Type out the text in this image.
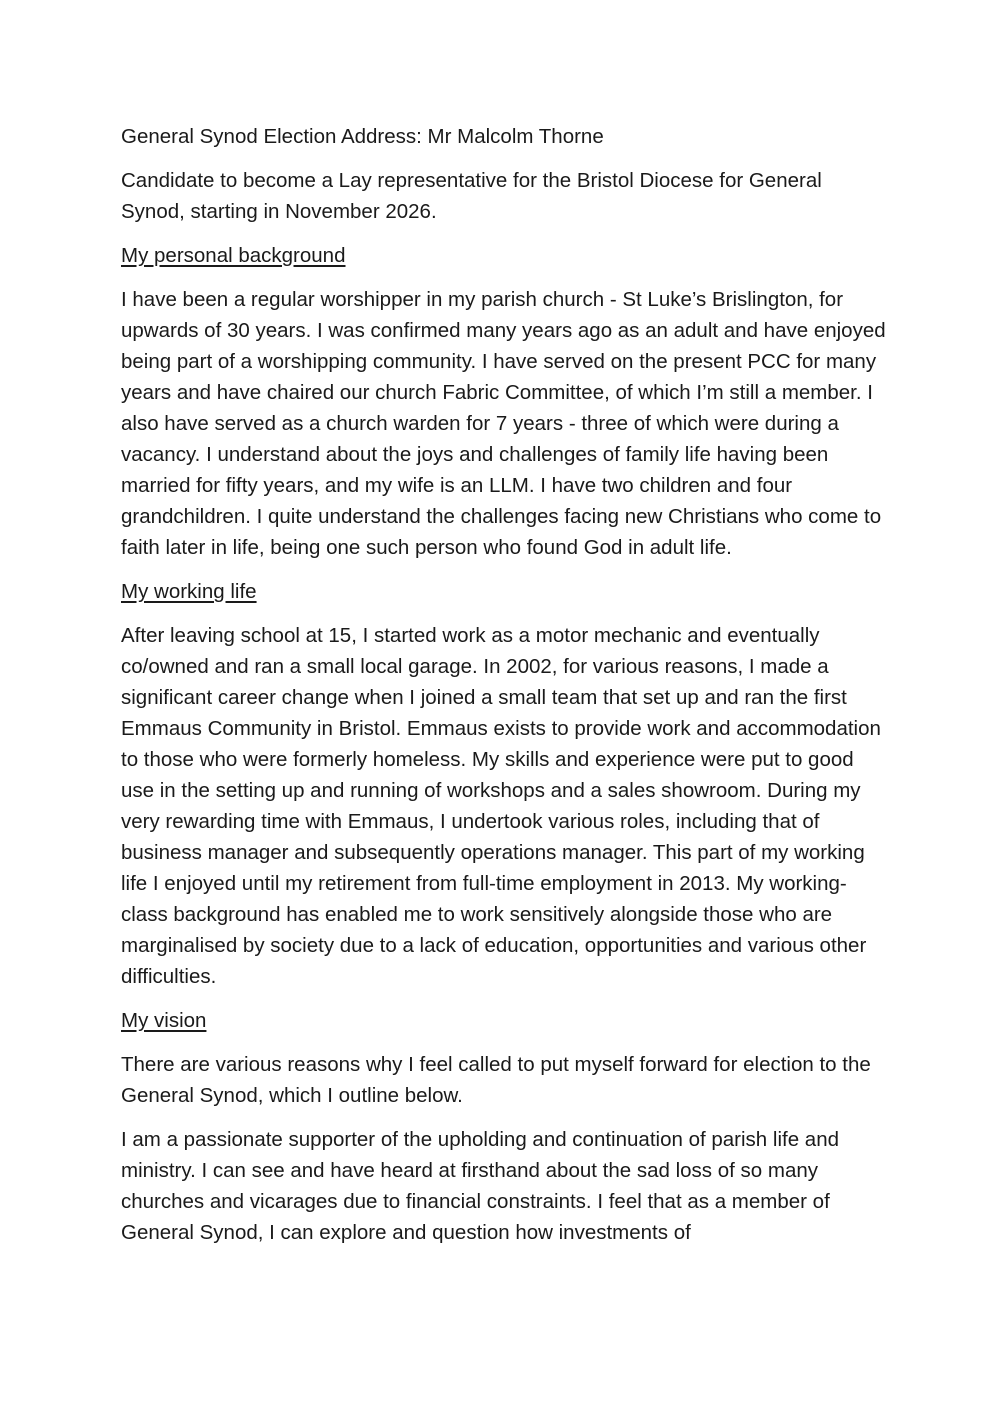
General Synod Election Address: Mr Malcolm Thorne

Candidate to become a Lay representative for the Bristol Diocese for General Synod, starting in November 2026.

My personal background

I have been a regular worshipper in my parish church - St Luke’s Brislington, for upwards of 30 years. I was confirmed many years ago as an adult and have enjoyed being part of a worshipping community. I have served on the present PCC for many years and have chaired our church Fabric Committee, of which I’m still a member. I also have served as a church warden for 7 years - three of which were during a vacancy. I understand about the joys and challenges of family life having been married for fifty years, and my wife is an LLM. I have two children and four grandchildren. I quite understand the challenges facing new Christians who come to faith later in life, being one such person who found God in adult life.

My working life

After leaving school at 15, I started work as a motor mechanic and eventually co/owned and ran a small local garage. In 2002, for various reasons, I made a significant career change when I joined a small team that set up and ran the first Emmaus Community in Bristol. Emmaus exists to provide work and accommodation to those who were formerly homeless. My skills and experience were put to good use in the setting up and running of workshops and a sales showroom. During my very rewarding time with Emmaus, I undertook various roles, including that of business manager and subsequently operations manager. This part of my working life I enjoyed until my retirement from full-time employment in 2013. My working-class background has enabled me to work sensitively alongside those who are marginalised by society due to a lack of education, opportunities and various other difficulties.

My vision

There are various reasons why I feel called to put myself forward for election to the General Synod, which I outline below.

I am a passionate supporter of the upholding and continuation of parish life and ministry. I can see and have heard at firsthand about the sad loss of so many churches and vicarages due to financial constraints. I feel that as a member of General Synod, I can explore and question how investments of
